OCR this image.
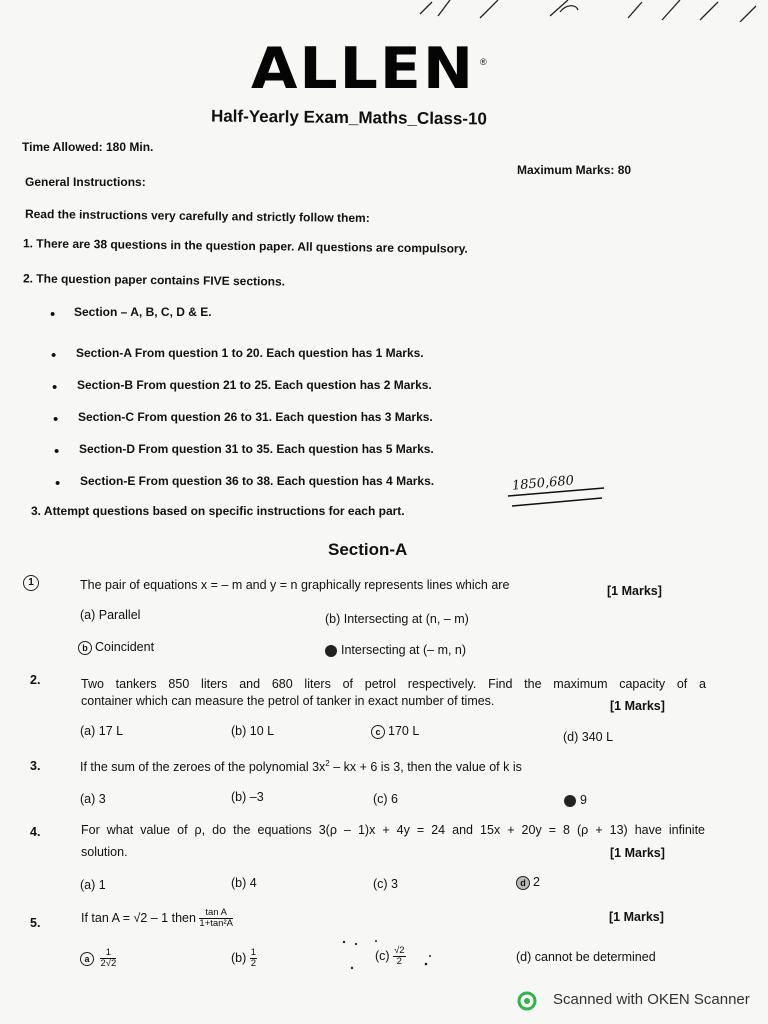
ALLEN ®
Half-Yearly Exam_Maths_Class-10
Time Allowed: 180 Min.
Maximum Marks: 80
General Instructions:
Read the instructions very carefully and strictly follow them:
1. There are 38 questions in the question paper. All questions are compulsory.
2. The question paper contains FIVE sections.
• Section – A, B, C, D & E.
• Section-A From question 1 to 20. Each question has 1 Marks.
• Section-B From question 21 to 25. Each question has 2 Marks.
• Section-C From question 26 to 31. Each question has 3 Marks.
• Section-D From question 31 to 35. Each question has 5 Marks.
• Section-E From question 36 to 38. Each question has 4 Marks.
3. Attempt questions based on specific instructions for each part.
1850,680
Section-A
1	The pair of equations x = – m and y = n graphically represents lines which are	[1 Marks]
(a) Parallel	(b) Intersecting at (n, – m)
b Coincident	Intersecting at (– m, n)
2.	Two tankers 850 liters and 680 liters of petrol respectively. Find the maximum capacity of a
container which can measure the petrol of tanker in exact number of times.	[1 Marks]
(a) 17 L	(b) 10 L	c 170 L	(d) 340 L
3.	If the sum of the zeroes of the polynomial $3x^2$ – kx + 6 is 3, then the value of k is
(a) 3	(b) –3	(c) 6	9
4.	For what value of ρ, do the equations 3(ρ – 1)x + 4y = 24 and 15x + 20y = 8 (ρ + 13) have infinite
solution.	[1 Marks]
(a) 1	(b) 4	(c) 3	d 2
5.	If tan A = √2 – 1 then $\frac{\text{tan A}}{\text{1+tan²A}}$	[1 Marks]
a $\frac{1}{2√2}$	$(b) \frac{1}{2}$	$(c) \frac{√2}{2}$	(d) cannot be determined
Scanned with OKEN Scanner
